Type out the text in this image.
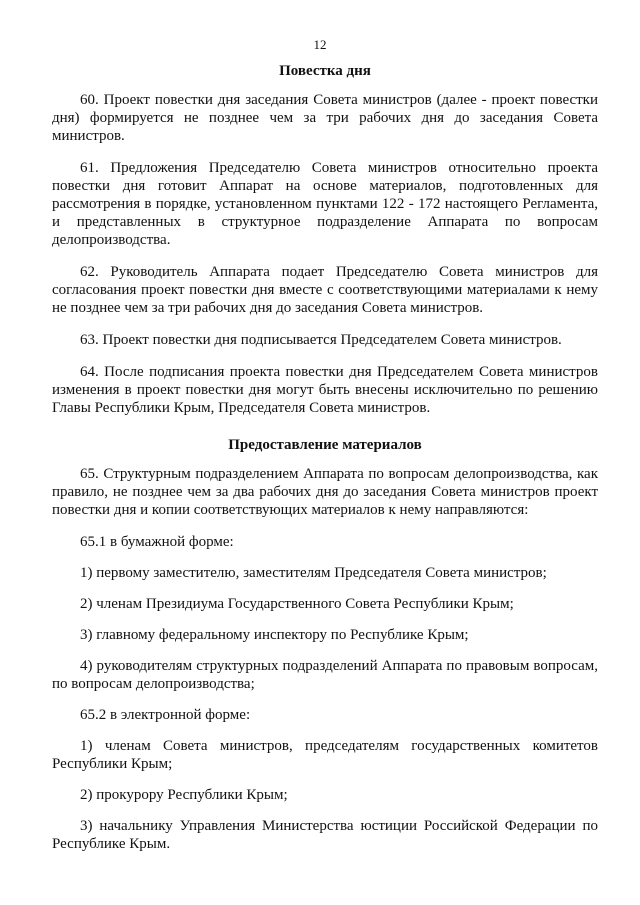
12
Повестка дня

60. Проект повестки дня заседания Совета министров (далее - проект повестки дня) формируется не позднее чем за три рабочих дня до заседания Совета министров.

61. Предложения Председателю Совета министров относительно проекта повестки дня готовит Аппарат на основе материалов, подготовленных для рассмотрения в порядке, установленном пунктами 122 - 172 настоящего Регламента, и представленных в структурное подразделение Аппарата по вопросам делопроизводства.

62. Руководитель Аппарата подает Председателю Совета министров для согласования проект повестки дня вместе с соответствующими материалами к нему не позднее чем за три рабочих дня до заседания Совета министров.

63. Проект повестки дня подписывается Председателем Совета министров.

64. После подписания проекта повестки дня Председателем Совета министров изменения в проект повестки дня могут быть внесены исключительно по решению Главы Республики Крым, Председателя Совета министров.

Предоставление материалов

65. Структурным подразделением Аппарата по вопросам делопроизводства, как правило, не позднее чем за два рабочих дня до заседания Совета министров проект повестки дня и копии соответствующих материалов к нему направляются:

65.1 в бумажной форме:

1) первому заместителю, заместителям Председателя Совета министров;

2) членам Президиума Государственного Совета Республики Крым;

3) главному федеральному инспектору по Республике Крым;

4) руководителям структурных подразделений Аппарата по правовым вопросам, по вопросам делопроизводства;

65.2 в электронной форме:

1) членам Совета министров, председателям государственных комитетов Республики Крым;

2) прокурору Республики Крым;

3) начальнику Управления Министерства юстиции Российской Федерации по Республике Крым.
